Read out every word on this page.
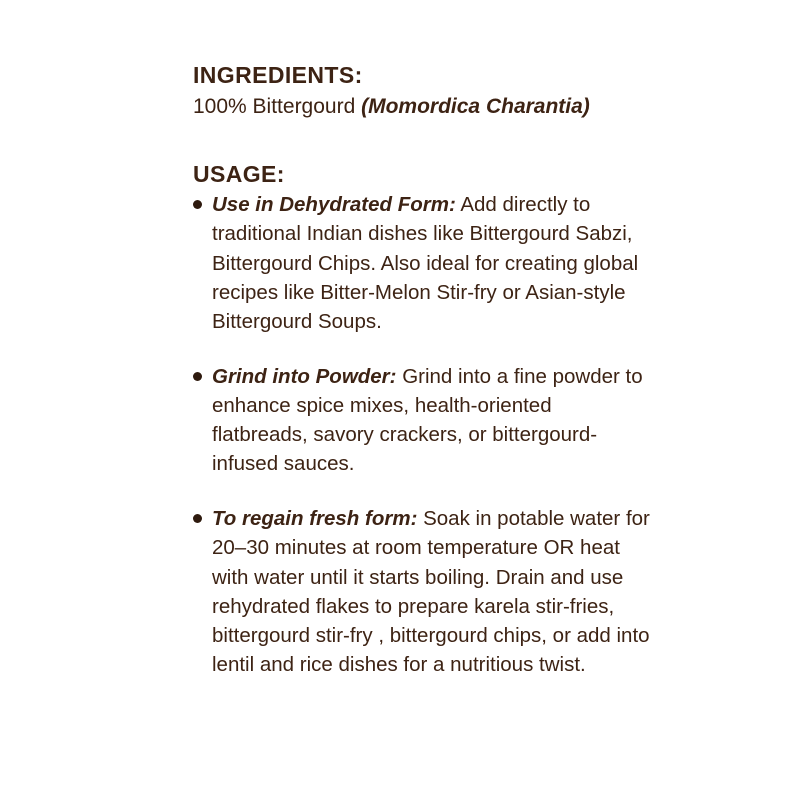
INGREDIENTS:

100% Bittergourd (Momordica Charantia)

USAGE:
Use in Dehydrated Form: Add directly to traditional Indian dishes like Bittergourd Sabzi, Bittergourd Chips. Also ideal for creating global recipes like Bitter-Melon Stir-fry or Asian-style Bittergourd Soups.
Grind into Powder: Grind into a fine powder to enhance spice mixes, health-oriented flatbreads, savory crackers, or bittergourd-infused sauces.
To regain fresh form: Soak in potable water for 20–30 minutes at room temperature OR heat with water until it starts boiling. Drain and use rehydrated flakes to prepare karela stir-fries, bittergourd stir-fry , bittergourd chips, or add into lentil and rice dishes for a nutritious twist.
